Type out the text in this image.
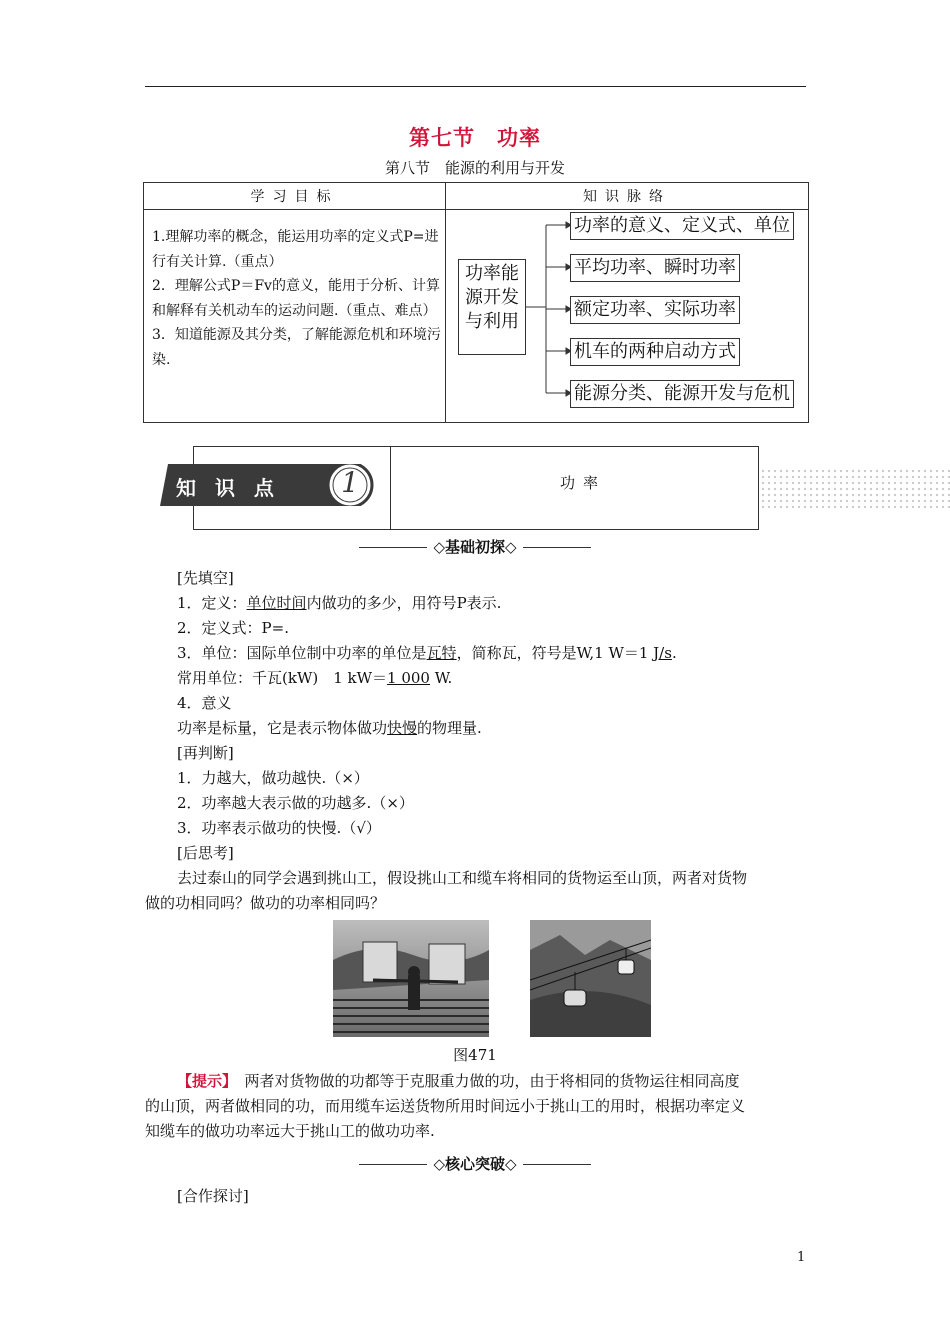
第七节　功率
第八节　能源的利用与开发
学习目标	知识脉络

1.理解功率的概念，能运用功率的定义式P=进行有关计算.（重点）

2．理解公式P＝Fv的意义，能用于分析、计算和解释有关机动车的运动问题.（重点、难点）

3．知道能源及其分类，了解能源危机和环境污染.

功率能源开发与利用
功率的意义、定义式、单位
平均功率、瞬时功率
额定功率、实际功率
机车的两种启动方式
能源分类、能源开发与危机
知 识 点 1	功率
◇基础初探◇
[先填空]
1．定义：单位时间内做功的多少，用符号P表示.
2．定义式：P=.
3．单位：国际单位制中功率的单位是瓦特，简称瓦，符号是W,1 W＝1 J/s.
常用单位：千瓦(kW)　1 kW＝1 000 W.
4．意义
功率是标量，它是表示物体做功快慢的物理量.
[再判断]
1．力越大，做功越快.（×）
2．功率越大表示做的功越多.（×）
3．功率表示做功的快慢.（√）
[后思考]
去过泰山的同学会遇到挑山工，假设挑山工和缆车将相同的货物运至山顶，两者对货物
做的功相同吗？做功的功率相同吗？
图471
【提示】　两者对货物做的功都等于克服重力做的功，由于将相同的货物运往相同高度
的山顶，两者做相同的功，而用缆车运送货物所用时间远小于挑山工的用时，根据功率定义
知缆车的做功功率远大于挑山工的做功功率.
◇核心突破◇
[合作探讨]
1
